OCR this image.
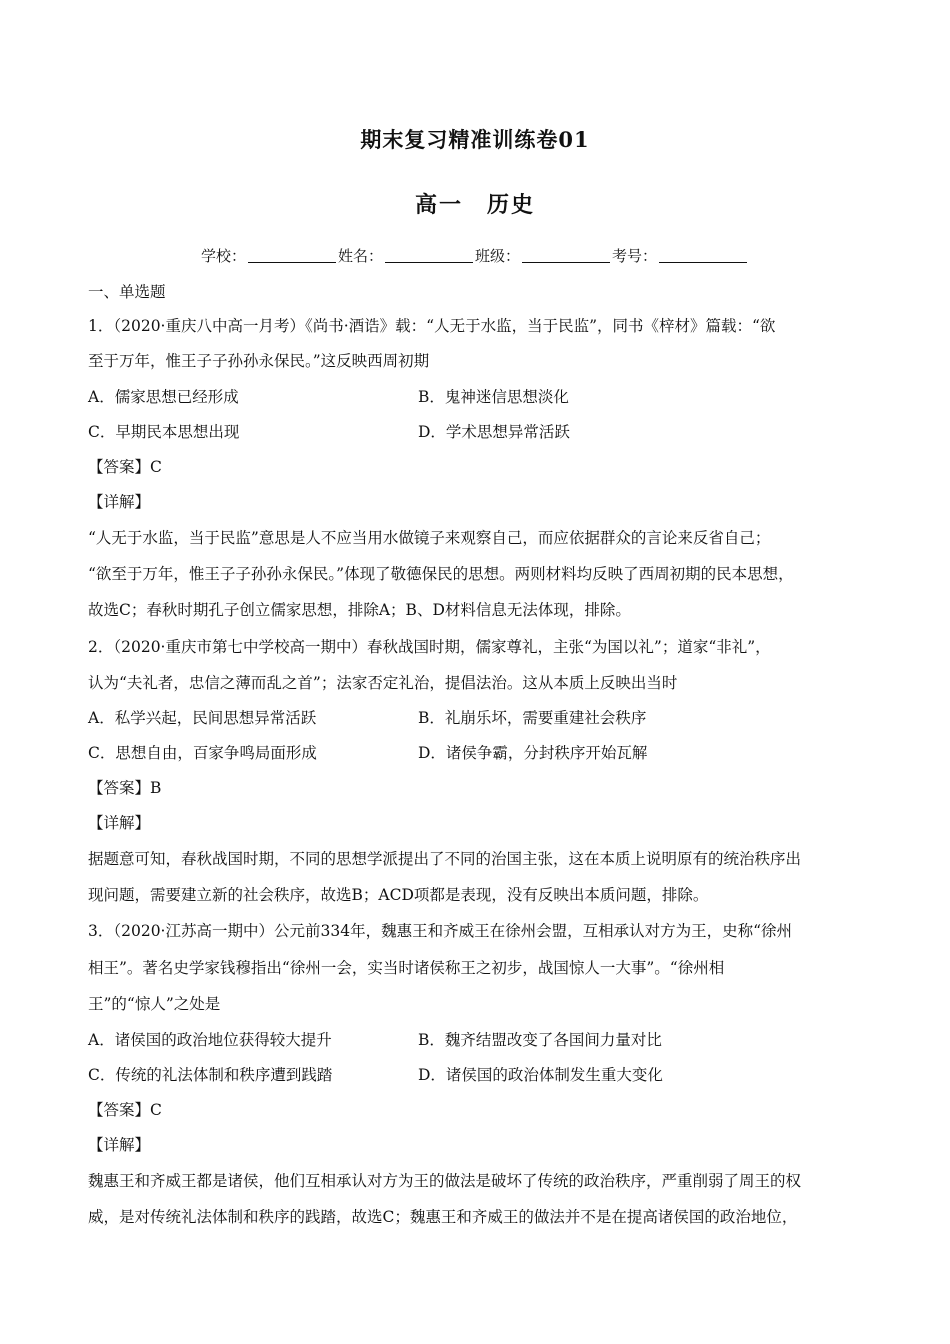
期末复习精准训练卷01
高一　历史
学校：	姓名：	班级：	考号：
一、单选题
1．（2020·重庆八中高一月考）《尚书·酒诰》载：“人无于水监，当于民监”，同书《梓材》篇载：“欲
至于万年，惟王子子孙孙永保民。”这反映西周初期
A．儒家思想已经形成	B．鬼神迷信思想淡化
C．早期民本思想出现	D．学术思想异常活跃
【答案】C
【详解】
“人无于水监，当于民监”意思是人不应当用水做镜子来观察自己，而应依据群众的言论来反省自己；
“欲至于万年，惟王子子孙孙永保民。”体现了敬德保民的思想。两则材料均反映了西周初期的民本思想，
故选C；春秋时期孔子创立儒家思想，排除A；B、D材料信息无法体现，排除。
2．（2020·重庆市第七中学校高一期中）春秋战国时期，儒家尊礼，主张“为国以礼”；道家“非礼”，
认为“夫礼者，忠信之薄而乱之首”；法家否定礼治，提倡法治。这从本质上反映出当时
A．私学兴起，民间思想异常活跃	B．礼崩乐坏，需要重建社会秩序
C．思想自由，百家争鸣局面形成	D．诸侯争霸，分封秩序开始瓦解
【答案】B
【详解】
据题意可知，春秋战国时期，不同的思想学派提出了不同的治国主张，这在本质上说明原有的统治秩序出
现问题，需要建立新的社会秩序，故选B；ACD项都是表现，没有反映出本质问题，排除。
3．（2020·江苏高一期中）公元前334年，魏惠王和齐威王在徐州会盟，互相承认对方为王，史称“徐州
相王”。著名史学家钱穆指出“徐州一会，实当时诸侯称王之初步，战国惊人一大事”。“徐州相
王”的“惊人”之处是
A．诸侯国的政治地位获得较大提升	B．魏齐结盟改变了各国间力量对比
C．传统的礼法体制和秩序遭到践踏	D．诸侯国的政治体制发生重大变化
【答案】C
【详解】
魏惠王和齐威王都是诸侯，他们互相承认对方为王的做法是破坏了传统的政治秩序，严重削弱了周王的权
威，是对传统礼法体制和秩序的践踏，故选C；魏惠王和齐威王的做法并不是在提高诸侯国的政治地位，
